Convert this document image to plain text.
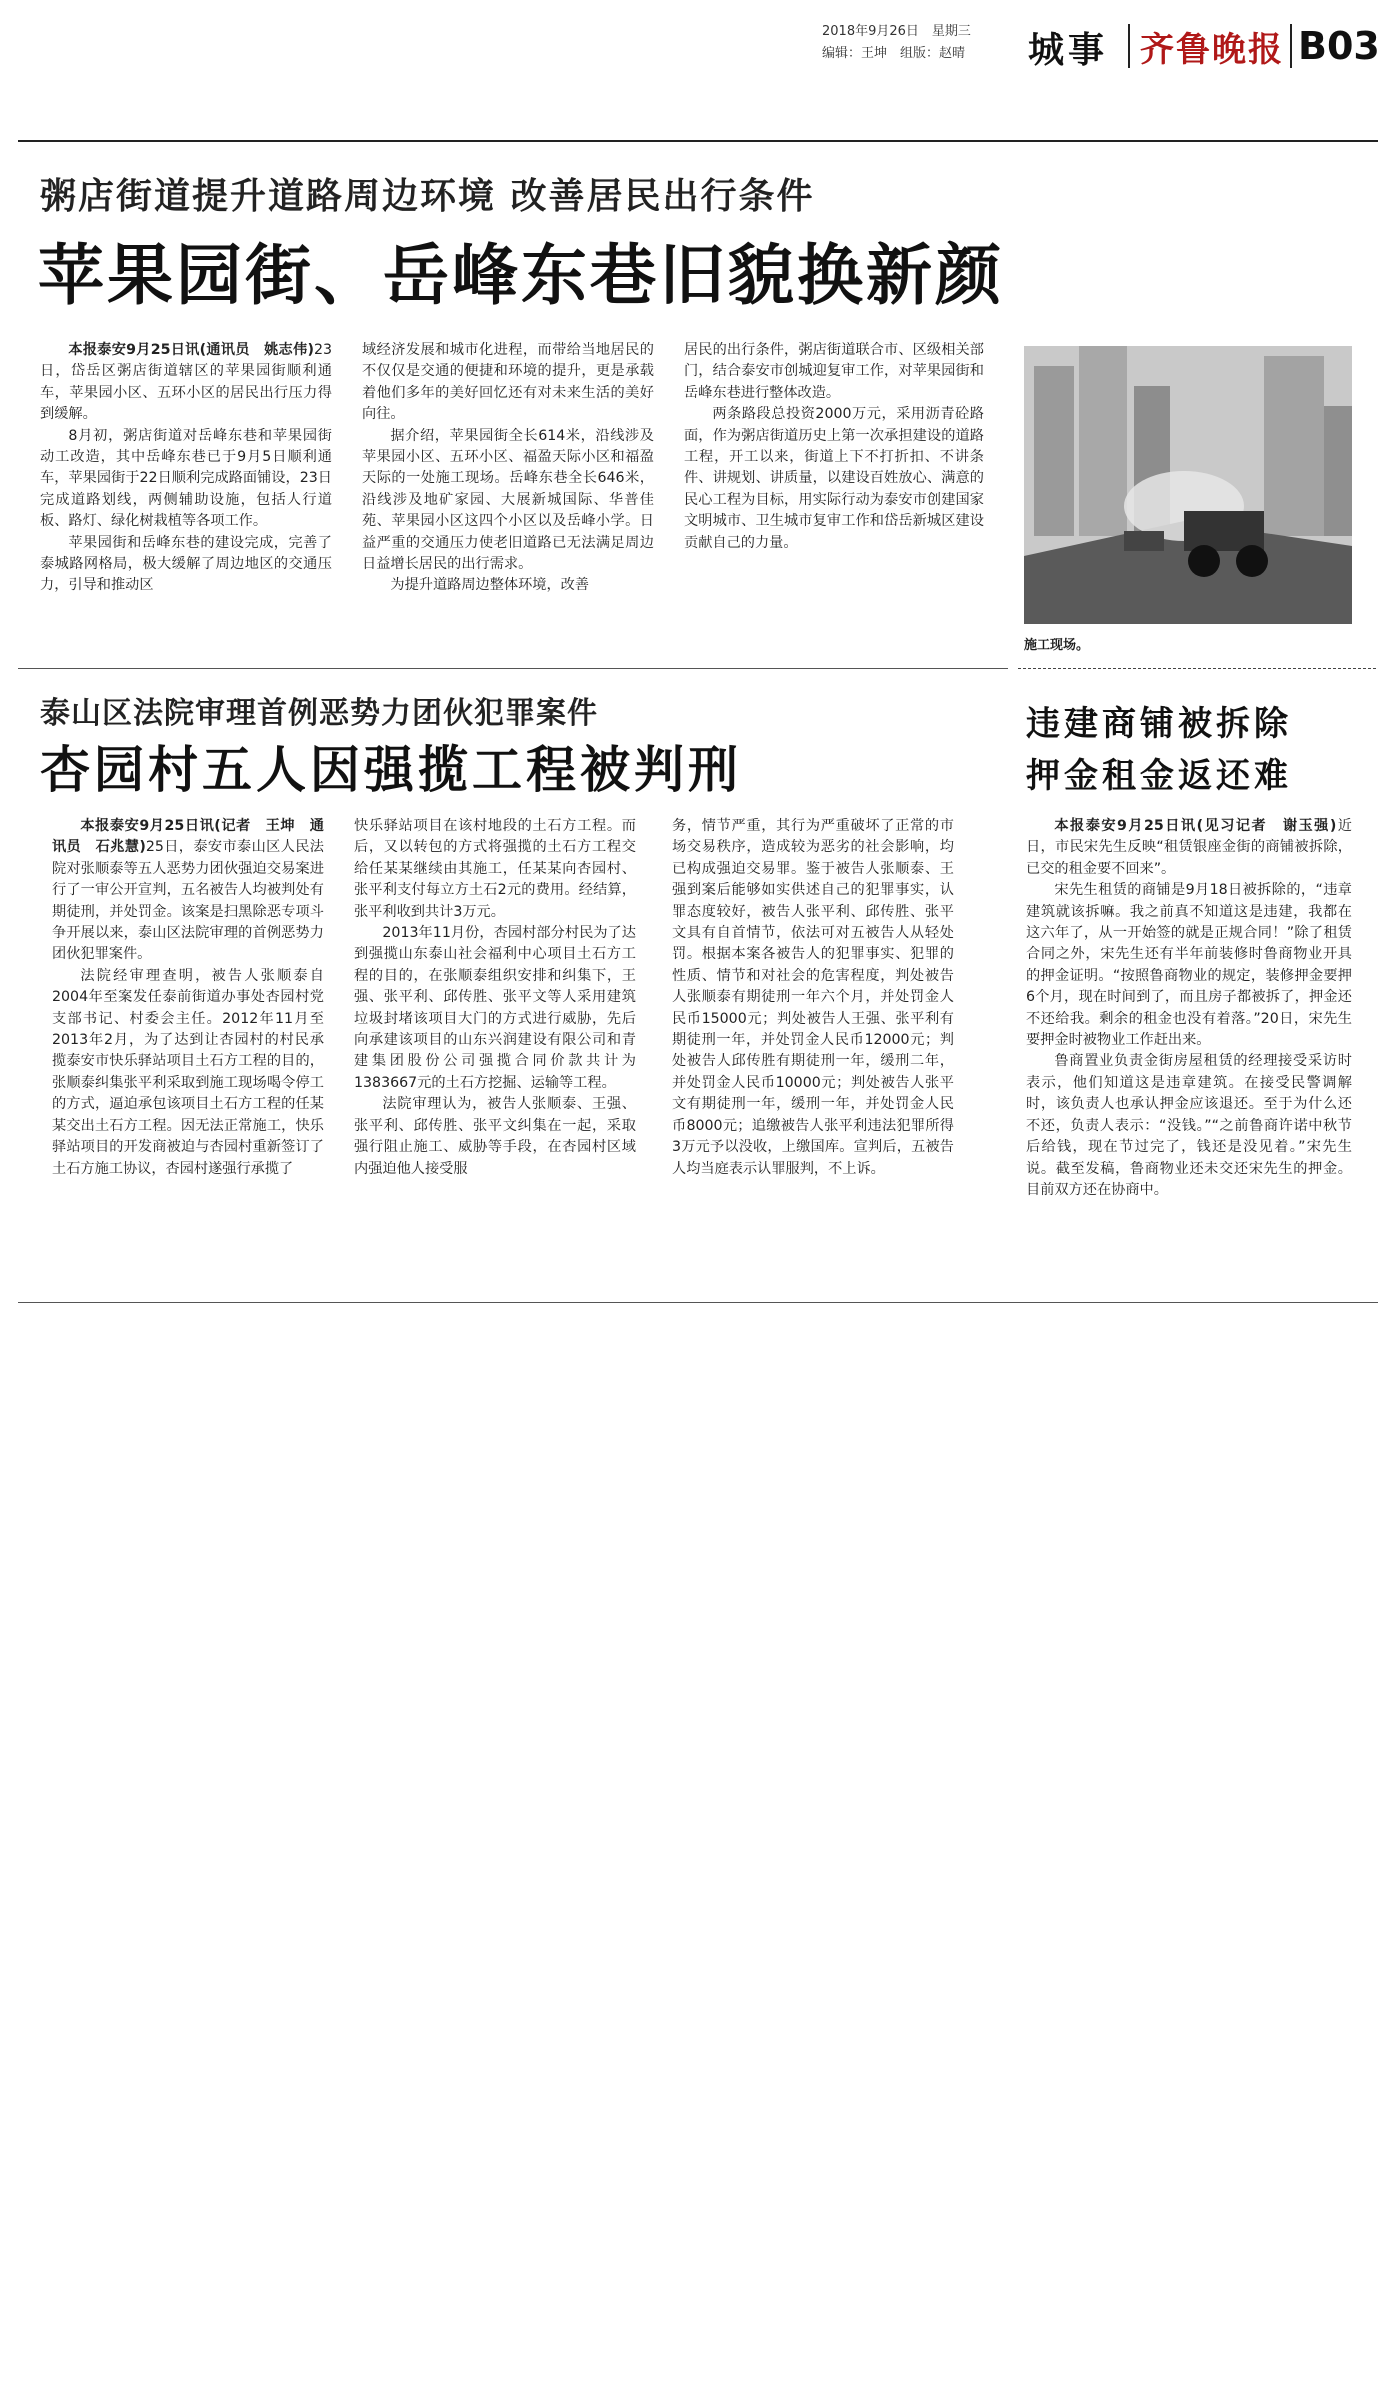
2018年9月26日　星期三
编辑：王坤　组版：赵晴 城事 齐鲁晚报 B03
粥店街道提升道路周边环境 改善居民出行条件
苹果园街、岳峰东巷旧貌换新颜

本报泰安9月25日讯(通讯员　姚志伟)23日，岱岳区粥店街道辖区的苹果园街顺利通车，苹果园小区、五环小区的居民出行压力得到缓解。

8月初，粥店街道对岳峰东巷和苹果园街动工改造，其中岳峰东巷已于9月5日顺利通车，苹果园街于22日顺利完成路面铺设，23日完成道路划线，两侧辅助设施，包括人行道板、路灯、绿化树栽植等各项工作。

苹果园街和岳峰东巷的建设完成，完善了泰城路网格局，极大缓解了周边地区的交通压力，引导和推动区

域经济发展和城市化进程，而带给当地居民的不仅仅是交通的便捷和环境的提升，更是承载着他们多年的美好回忆还有对未来生活的美好向往。

据介绍，苹果园街全长614米，沿线涉及苹果园小区、五环小区、福盈天际小区和福盈天际的一处施工现场。岳峰东巷全长646米，沿线涉及地矿家园、大展新城国际、华普佳苑、苹果园小区这四个小区以及岳峰小学。日益严重的交通压力使老旧道路已无法满足周边日益增长居民的出行需求。

为提升道路周边整体环境，改善

居民的出行条件，粥店街道联合市、区级相关部门，结合泰安市创城迎复审工作，对苹果园街和岳峰东巷进行整体改造。

两条路段总投资2000万元，采用沥青砼路面，作为粥店街道历史上第一次承担建设的道路工程，开工以来，街道上下不打折扣、不讲条件、讲规划、讲质量，以建设百姓放心、满意的民心工程为目标，用实际行动为泰安市创建国家文明城市、卫生城市复审工作和岱岳新城区建设贡献自己的力量。

施工现场。
泰山区法院审理首例恶势力团伙犯罪案件
杏园村五人因强揽工程被判刑

本报泰安9月25日讯(记者　王坤　通讯员　石兆慧)25日，泰安市泰山区人民法院对张顺泰等五人恶势力团伙强迫交易案进行了一审公开宣判，五名被告人均被判处有期徒刑，并处罚金。该案是扫黑除恶专项斗争开展以来，泰山区法院审理的首例恶势力团伙犯罪案件。

法院经审理查明，被告人张顺泰自2004年至案发任泰前街道办事处杏园村党支部书记、村委会主任。2012年11月至2013年2月，为了达到让杏园村的村民承揽泰安市快乐驿站项目土石方工程的目的，张顺泰纠集张平利采取到施工现场喝令停工的方式，逼迫承包该项目土石方工程的任某某交出土石方工程。因无法正常施工，快乐驿站项目的开发商被迫与杏园村重新签订了土石方施工协议，杏园村遂强行承揽了

快乐驿站项目在该村地段的土石方工程。而后，又以转包的方式将强揽的土石方工程交给任某某继续由其施工，任某某向杏园村、张平利支付每立方土石2元的费用。经结算，张平利收到共计3万元。

2013年11月份，杏园村部分村民为了达到强揽山东泰山社会福利中心项目土石方工程的目的，在张顺泰组织安排和纠集下，王强、张平利、邱传胜、张平文等人采用建筑垃圾封堵该项目大门的方式进行威胁，先后向承建该项目的山东兴润建设有限公司和青建集团股份公司强揽合同价款共计为1383667元的土石方挖掘、运输等工程。

法院审理认为，被告人张顺泰、王强、张平利、邱传胜、张平文纠集在一起，采取强行阻止施工、威胁等手段，在杏园村区域内强迫他人接受服

务，情节严重，其行为严重破坏了正常的市场交易秩序，造成较为恶劣的社会影响，均已构成强迫交易罪。鉴于被告人张顺泰、王强到案后能够如实供述自己的犯罪事实，认罪态度较好，被告人张平利、邱传胜、张平文具有自首情节，依法可对五被告人从轻处罚。根据本案各被告人的犯罪事实、犯罪的性质、情节和对社会的危害程度，判处被告人张顺泰有期徒刑一年六个月，并处罚金人民币15000元；判处被告人王强、张平利有期徒刑一年，并处罚金人民币12000元；判处被告人邱传胜有期徒刑一年，缓刑二年，并处罚金人民币10000元；判处被告人张平文有期徒刑一年，缓刑一年，并处罚金人民币8000元；追缴被告人张平利违法犯罪所得3万元予以没收，上缴国库。宣判后，五被告人均当庭表示认罪服判，不上诉。

违建商铺被拆除
押金租金返还难

本报泰安9月25日讯(见习记者　谢玉强)近日，市民宋先生反映“租赁银座金街的商铺被拆除，已交的租金要不回来”。

宋先生租赁的商铺是9月18日被拆除的，“违章建筑就该拆嘛。我之前真不知道这是违建，我都在这六年了，从一开始签的就是正规合同！”除了租赁合同之外，宋先生还有半年前装修时鲁商物业开具的押金证明。“按照鲁商物业的规定，装修押金要押6个月，现在时间到了，而且房子都被拆了，押金还不还给我。剩余的租金也没有着落。”20日，宋先生要押金时被物业工作赶出来。

鲁商置业负责金街房屋租赁的经理接受采访时表示，他们知道这是违章建筑。在接受民警调解时，该负责人也承认押金应该退还。至于为什么还不还，负责人表示：“没钱。”“之前鲁商许诺中秋节后给钱，现在节过完了，钱还是没见着。”宋先生说。截至发稿，鲁商物业还未交还宋先生的押金。目前双方还在协商中。
